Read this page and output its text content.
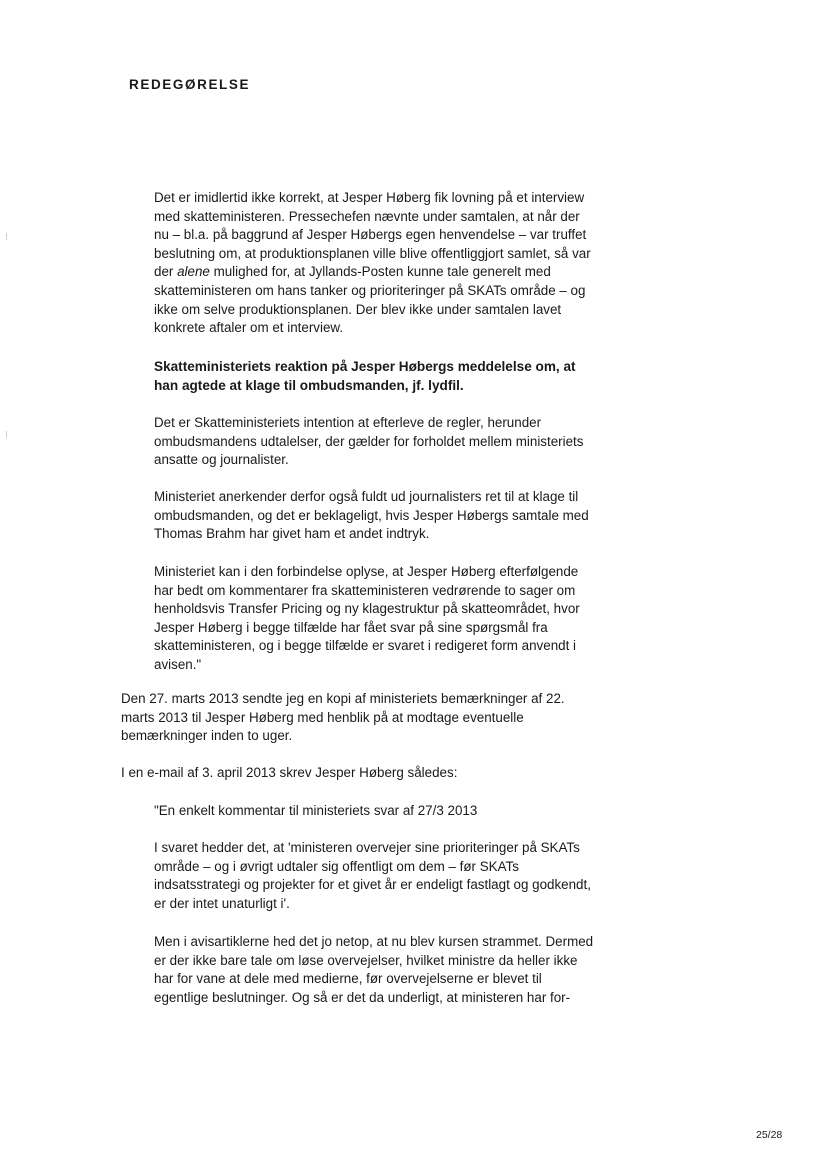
REDEGØRELSE

Det er imidlertid ikke korrekt, at Jesper Høberg fik lovning på et interview med skatteministeren. Pressechefen nævnte under samtalen, at når der nu – bl.a. på baggrund af Jesper Høbergs egen henvendelse – var truffet beslutning om, at produktionsplanen ville blive offentliggjort samlet, så var der alene mulighed for, at Jyllands-Posten kunne tale generelt med skatteministeren om hans tanker og prioriteringer på SKATs område – og ikke om selve produktionsplanen. Der blev ikke under samtalen lavet konkrete aftaler om et interview.

Skatteministeriets reaktion på Jesper Høbergs meddelelse om, at han agtede at klage til ombudsmanden, jf. lydfil.

Det er Skatteministeriets intention at efterleve de regler, herunder ombudsmandens udtalelser, der gælder for forholdet mellem ministeriets ansatte og journalister.

Ministeriet anerkender derfor også fuldt ud journalisters ret til at klage til ombudsmanden, og det er beklageligt, hvis Jesper Høbergs samtale med Thomas Brahm har givet ham et andet indtryk.

Ministeriet kan i den forbindelse oplyse, at Jesper Høberg efterfølgende har bedt om kommentarer fra skatteministeren vedrørende to sager om henholdsvis Transfer Pricing og ny klagestruktur på skatteområdet, hvor Jesper Høberg i begge tilfælde har fået svar på sine spørgsmål fra skatteministeren, og i begge tilfælde er svaret i redigeret form anvendt i avisen."

Den 27. marts 2013 sendte jeg en kopi af ministeriets bemærkninger af 22. marts 2013 til Jesper Høberg med henblik på at modtage eventuelle bemærkninger inden to uger.

I en e-mail af 3. april 2013 skrev Jesper Høberg således:

"En enkelt kommentar til ministeriets svar af 27/3 2013

I svaret hedder det, at 'ministeren overvejer sine prioriteringer på SKATs område – og i øvrigt udtaler sig offentligt om dem – før SKATs indsatsstrategi og projekter for et givet år er endeligt fastlagt og godkendt, er der intet unaturligt i'.

Men i avisartiklerne hed det jo netop, at nu blev kursen strammet. Dermed er der ikke bare tale om løse overvejelser, hvilket ministre da heller ikke har for vane at dele med medierne, før overvejelserne er blevet til egentlige beslutninger. Og så er det da underligt, at ministeren har for-

25/28
